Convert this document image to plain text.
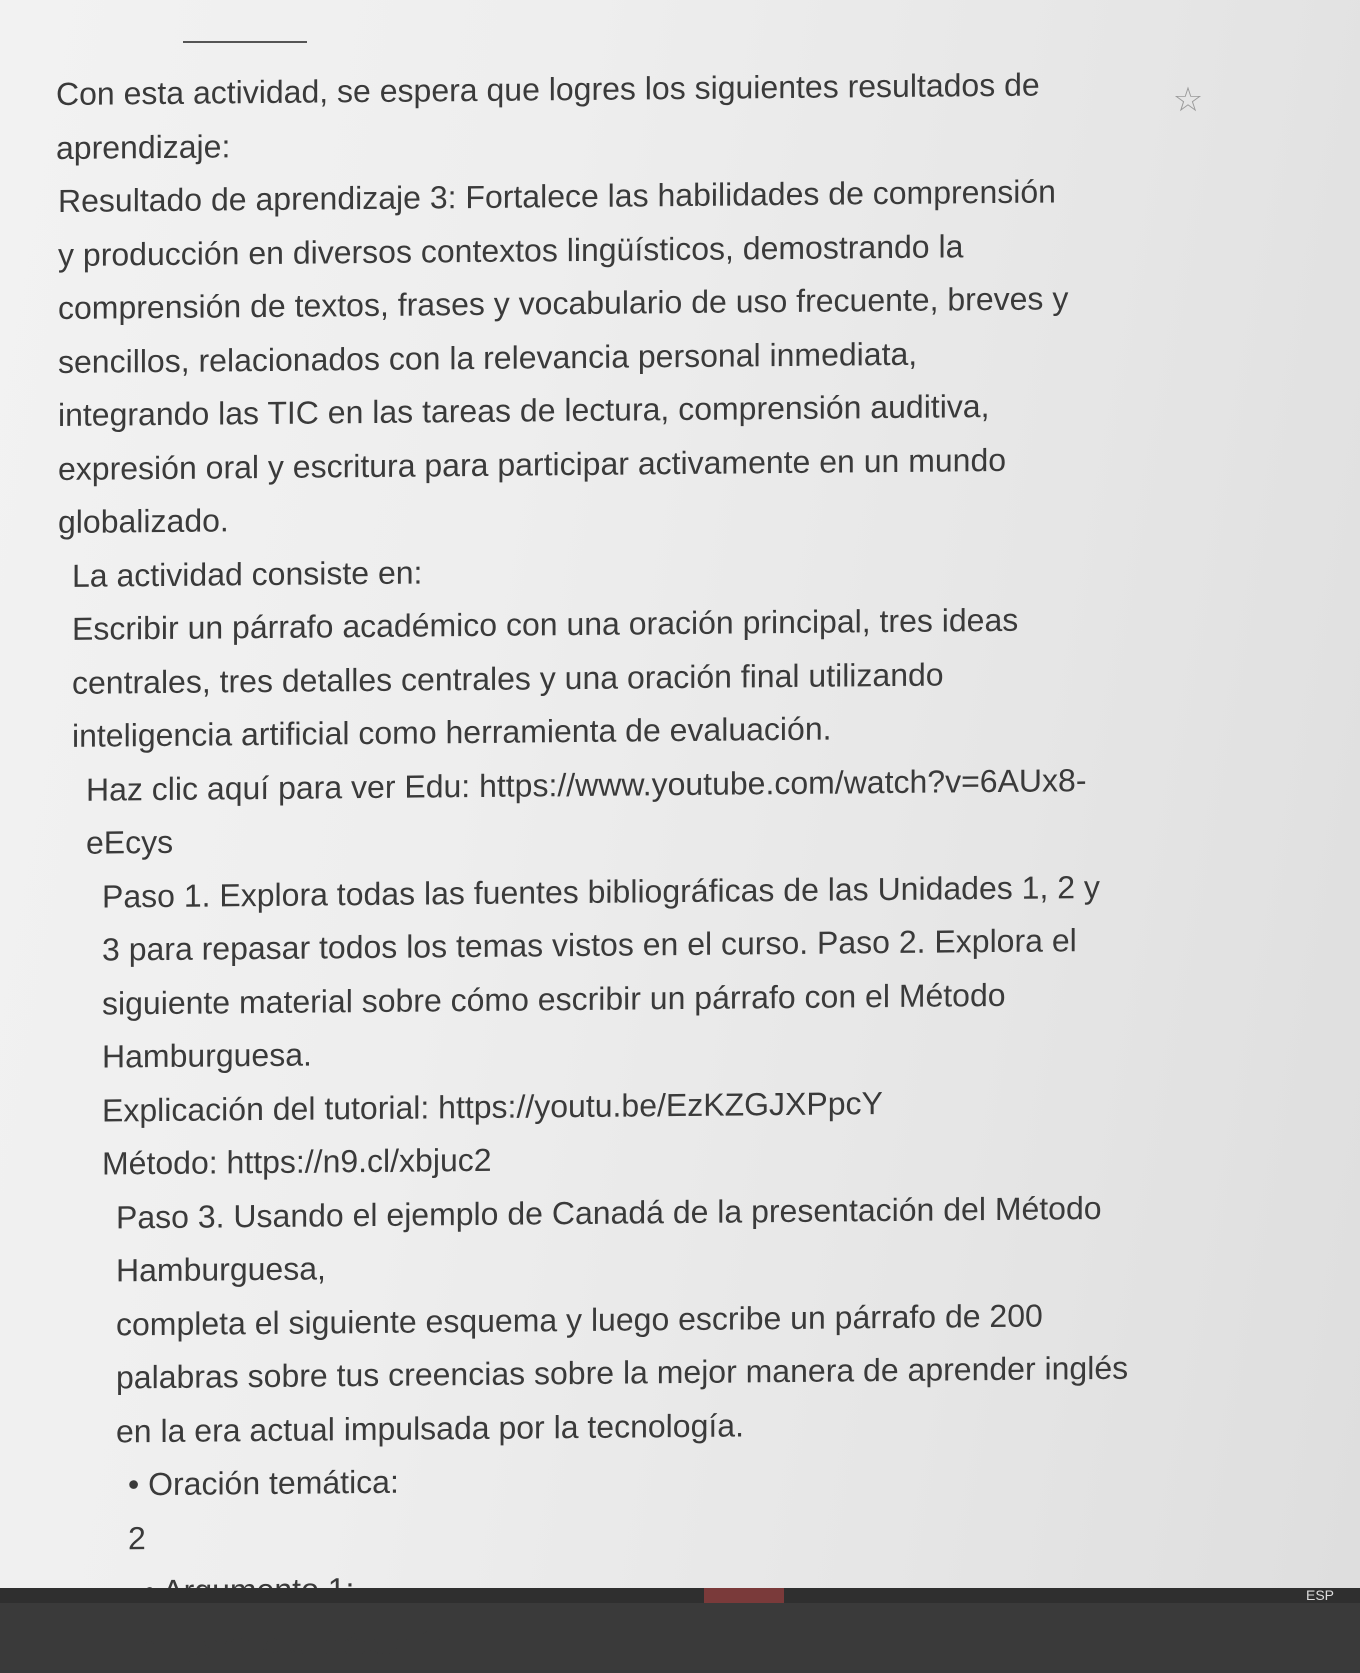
☆

Con esta actividad, se espera que logres los siguientes resultados de

aprendizaje:

Resultado de aprendizaje 3: Fortalece las habilidades de comprensión
y producción en diversos contextos lingüísticos, demostrando la
comprensión de textos, frases y vocabulario de uso frecuente, breves y
sencillos, relacionados con la relevancia personal inmediata,
integrando las TIC en las tareas de lectura, comprensión auditiva,
expresión oral y escritura para participar activamente en un mundo
globalizado.

La actividad consiste en:

Escribir un párrafo académico con una oración principal, tres ideas
centrales, tres detalles centrales y una oración final utilizando
inteligencia artificial como herramienta de evaluación.

Haz clic aquí para ver Edu: https://www.youtube.com/watch?v=6AUx8-
eEcys

Paso 1. Explora todas las fuentes bibliográficas de las Unidades 1, 2 y
3 para repasar todos los temas vistos en el curso. Paso 2. Explora el
siguiente material sobre cómo escribir un párrafo con el Método
Hamburguesa.

Explicación del tutorial: https://youtu.be/EzKZGJXPpcY

Método: https://n9.cl/xbjuc2

Paso 3. Usando el ejemplo de Canadá de la presentación del Método
Hamburguesa,
completa el siguiente esquema y luego escribe un párrafo de 200
palabras sobre tus creencias sobre la mejor manera de aprender inglés
en la era actual impulsada por la tecnología.

• Oración temática:

2

• Ejemplo o detalle 1:

ESP
